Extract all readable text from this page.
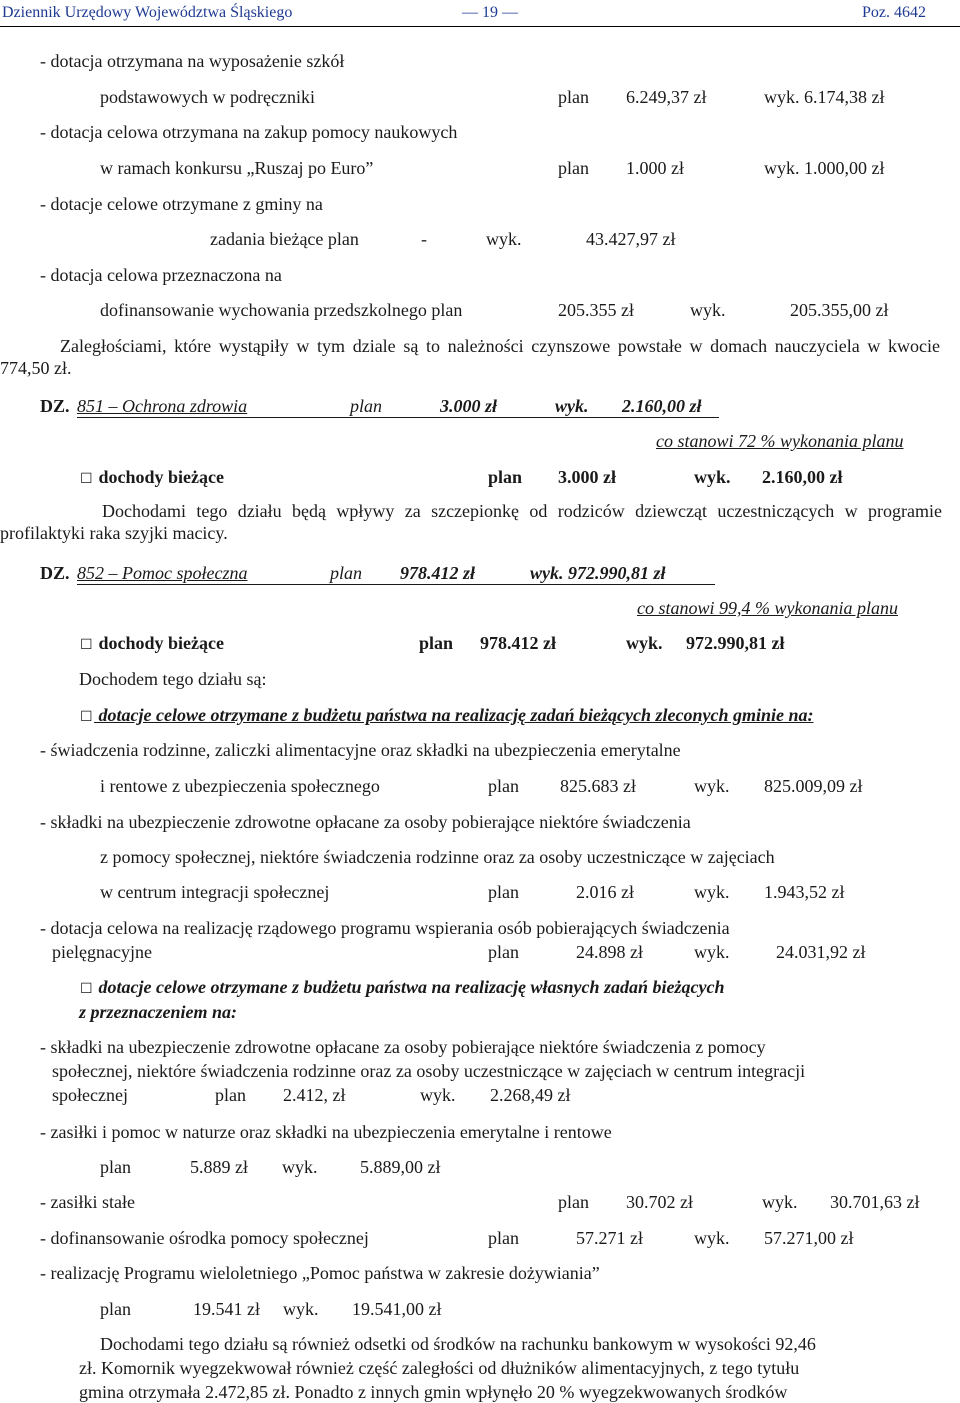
Dziennik Urzędowy Województwa Śląskiego	— 19 —	Poz. 4642
- dotacja otrzymana na wyposażenie szkół
podstawowych w podręczniki	plan 6.249,37 zł	wyk. 6.174,38 zł
- dotacja celowa otrzymana na zakup pomocy naukowych
w ramach konkursu „Ruszaj po Euro”	plan 1.000 zł	wyk. 1.000,00 zł
- dotacje celowe otrzymane z gminy na
zadania bieżące plan	-	wyk.	43.427,97 zł
- dotacja celowa przeznaczona na
dofinansowanie wychowania przedszkolnego plan	205.355 zł	wyk.	205.355,00 zł
Zaległościami, które wystąpiły w tym dziale są to należności czynszowe powstałe w domach nauczyciela w kwocie 774,50 zł.
DZ. 851 – Ochrona zdrowia	plan	3.000 zł	wyk. 2.160,00 zł
co stanowi 72 % wykonania planu
☐ dochody bieżące	plan 3.000 zł	wyk. 2.160,00 zł
Dochodami tego działu będą wpływy za szczepionkę od rodziców dziewcząt uczestniczących w programie profilaktyki raka szyjki macicy.
DZ. 852 – Pomoc społeczna	plan 978.412 zł	wyk. 972.990,81 zł
co stanowi 99,4 % wykonania planu
☐ dochody bieżące	plan 978.412 zł	wyk. 972.990,81 zł
Dochodem tego działu są:
☐ dotacje celowe otrzymane z budżetu państwa na realizację zadań bieżących zleconych gminie na:
- świadczenia rodzinne, zaliczki alimentacyjne oraz składki na ubezpieczenia emerytalne
i rentowe z ubezpieczenia społecznego	plan 825.683 zł	wyk. 825.009,09 zł
- składki na ubezpieczenie zdrowotne opłacane za osoby pobierające niektóre świadczenia
z pomocy społecznej, niektóre świadczenia rodzinne oraz za osoby uczestniczące w zajęciach
w centrum integracji społecznej	plan	2.016 zł	wyk. 1.943,52 zł
- dotacja celowa na realizację rządowego programu wspierania osób pobierających świadczenia
pielęgnacyjne	plan	24.898 zł	wyk.	24.031,92 zł
☐ dotacje celowe otrzymane z budżetu państwa na realizację własnych zadań bieżących
z przeznaczeniem na:
- składki na ubezpieczenie zdrowotne opłacane za osoby pobierające niektóre świadczenia z pomocy
społecznej, niektóre świadczenia rodzinne oraz za osoby uczestniczące w zajęciach w centrum integracji
społecznej	plan 2.412, zł	wyk. 2.268,49 zł
- zasiłki i pomoc w naturze oraz składki na ubezpieczenia emerytalne i rentowe
plan	5.889 zł wyk. 5.889,00 zł
- zasiłki stałe	plan 30.702 zł	wyk. 30.701,63 zł
- dofinansowanie ośrodka pomocy społecznej	plan	57.271 zł	wyk. 57.271,00 zł
- realizację Programu wieloletniego „Pomoc państwa w zakresie dożywiania”
plan	19.541 zł wyk. 19.541,00 zł
Dochodami tego działu są również odsetki od środków na rachunku bankowym w wysokości 92,46
zł. Komornik wyegzekwował również część zaległości od dłużników alimentacyjnych, z tego tytułu
gmina otrzymała 2.472,85 zł. Ponadto z innych gmin wpłynęło 20 % wyegzekwowanych środków
